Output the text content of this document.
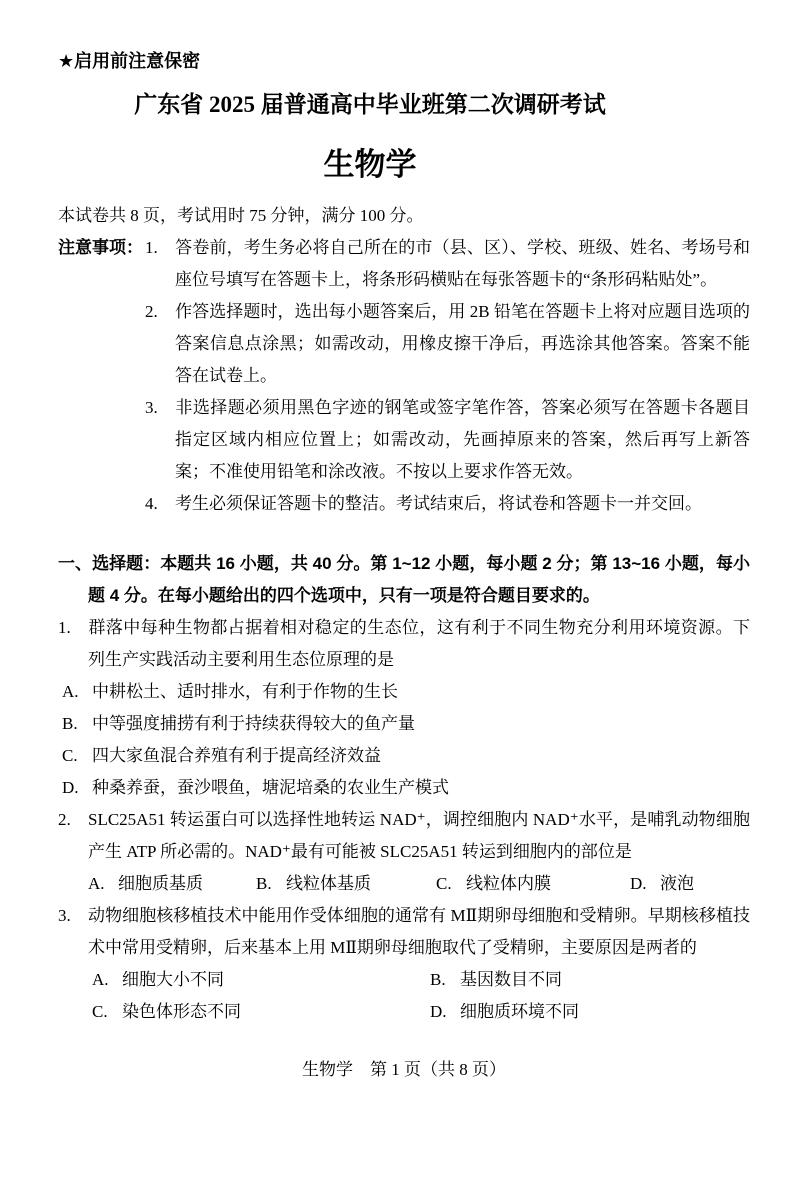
★启用前注意保密
广东省 2025 届普通高中毕业班第二次调研考试
生物学
本试卷共 8 页，考试用时 75 分钟，满分 100 分。
注意事项： 1. 答卷前，考生务必将自己所在的市（县、区）、学校、班级、姓名、考场号和座位号填写在答题卡上，将条形码横贴在每张答题卡的“条形码粘贴处”。
2. 作答选择题时，选出每小题答案后，用 2B 铅笔在答题卡上将对应题目选项的答案信息点涂黑；如需改动，用橡皮擦干净后，再选涂其他答案。答案不能答在试卷上。
3. 非选择题必须用黑色字迹的钢笔或签字笔作答，答案必须写在答题卡各题目指定区域内相应位置上；如需改动，先画掉原来的答案，然后再写上新答案；不准使用铅笔和涂改液。不按以上要求作答无效。
4. 考生必须保证答题卡的整洁。考试结束后，将试卷和答题卡一并交回。
一、选择题：本题共 16 小题，共 40 分。第 1~12 小题，每小题 2 分；第 13~16 小题，每小题 4 分。在每小题给出的四个选项中，只有一项是符合题目要求的。
1. 群落中每种生物都占据着相对稳定的生态位，这有利于不同生物充分利用环境资源。下列生产实践活动主要利用生态位原理的是
A. 中耕松土、适时排水，有利于作物的生长
B. 中等强度捕捞有利于持续获得较大的鱼产量
C. 四大家鱼混合养殖有利于提高经济效益
D. 种桑养蚕，蚕沙喂鱼，塘泥培桑的农业生产模式
2. SLC25A51 转运蛋白可以选择性地转运 NAD⁺，调控细胞内 NAD⁺水平，是哺乳动物细胞产生 ATP 所必需的。NAD⁺最有可能被 SLC25A51 转运到细胞内的部位是
A. 细胞质基质	B. 线粒体基质	C. 线粒体内膜	D. 液泡
3. 动物细胞核移植技术中能用作受体细胞的通常有 MⅡ期卵母细胞和受精卵。早期核移植技术中常用受精卵，后来基本上用 MⅡ期卵母细胞取代了受精卵，主要原因是两者的
A. 细胞大小不同	B. 基因数目不同
C. 染色体形态不同	D. 细胞质环境不同
生物学　第 1 页（共 8 页）
